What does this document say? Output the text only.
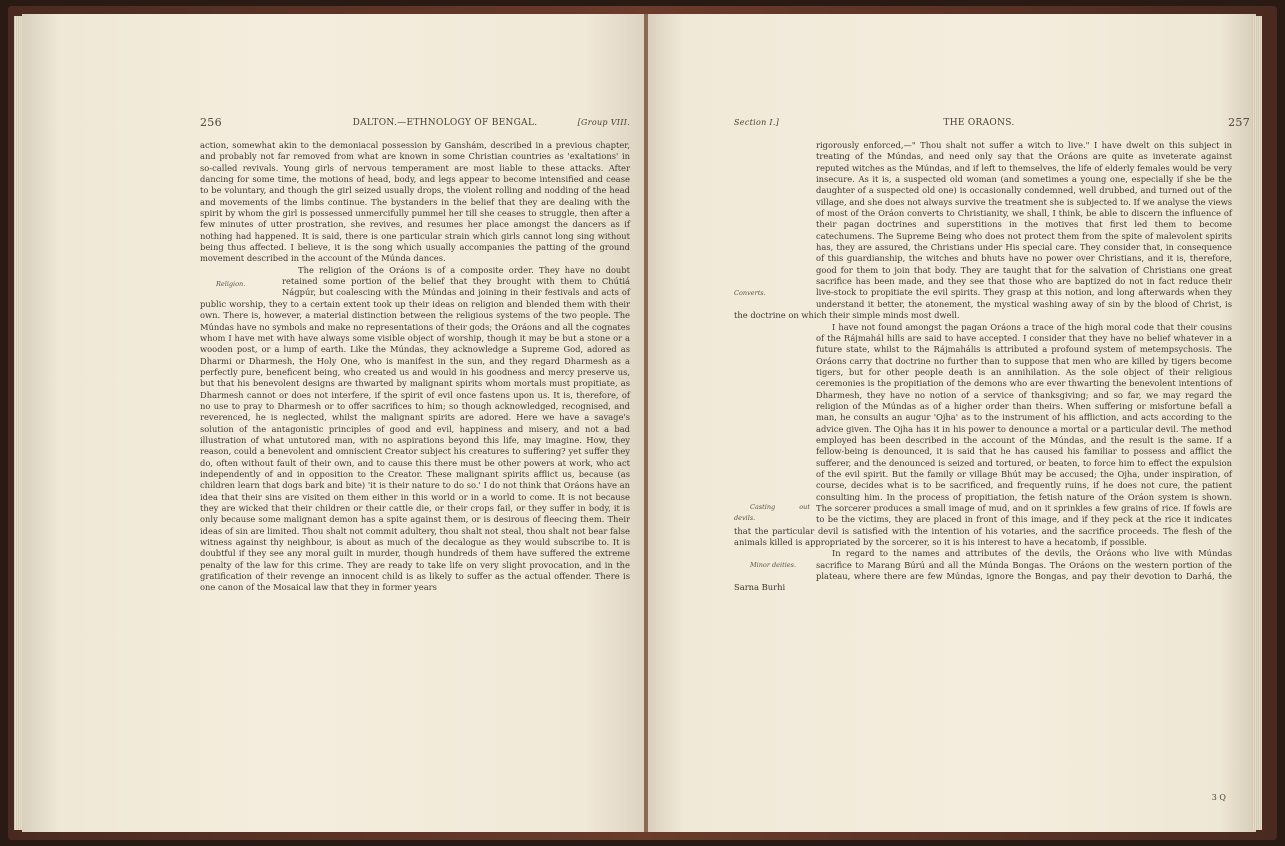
256	DALTON.—ETHNOLOGY OF BENGAL.	[Group VIII.

action, somewhat akin to the demoniacal possession by Ganshám, described in a previous chapter, and probably not far removed from what are known in some Christian countries as 'exaltations' in so-called revivals. Young girls of nervous temperament are most liable to these attacks. After dancing for some time, the motions of head, body, and legs appear to become intensified and cease to be voluntary, and though the girl seized usually drops, the violent rolling and nodding of the head and movements of the limbs continue. The bystanders in the belief that they are dealing with the spirit by whom the girl is possessed unmercifully pummel her till she ceases to struggle, then after a few minutes of utter prostration, she revives, and resumes her place amongst the dancers as if nothing had happened. It is said, there is one particular strain which girls cannot long sing without being thus affected. I believe, it is the song which usually accompanies the patting of the ground movement described in the account of the Múnda dances.

Religion.
The religion of the Oráons is of a composite order. They have no doubt retained some portion of the belief that they brought with them to Chútiá Nágpúr, but coalescing with the Múndas and joining in their festivals and acts of public worship, they to a certain extent took up their ideas on religion and blended them with their own. There is, however, a material distinction between the religious systems of the two people. The Múndas have no symbols and make no representations of their gods; the Oráons and all the cognates whom I have met with have always some visible object of worship, though it may be but a stone or a wooden post, or a lump of earth. Like the Múndas, they acknowledge a Supreme God, adored as Dharmi or Dharmesh, the Holy One, who is manifest in the sun, and they regard Dharmesh as a perfectly pure, beneficent being, who created us and would in his goodness and mercy preserve us, but that his benevolent designs are thwarted by malignant spirits whom mortals must propitiate, as Dharmesh cannot or does not interfere, if the spirit of evil once fastens upon us. It is, therefore, of no use to pray to Dharmesh or to offer sacrifices to him; so though acknowledged, recognised, and reverenced, he is neglected, whilst the malignant spirits are adored. Here we have a savage's solution of the antagonistic principles of good and evil, happiness and misery, and not a bad illustration of what untutored man, with no aspirations beyond this life, may imagine. How, they reason, could a benevolent and omniscient Creator subject his creatures to suffering? yet suffer they do, often without fault of their own, and to cause this there must be other powers at work, who act independently of and in opposition to the Creator. These malignant spirits afflict us, because (as children learn that dogs bark and bite) 'it is their nature to do so.' I do not think that Oráons have an idea that their sins are visited on them either in this world or in a world to come. It is not because they are wicked that their children or their cattle die, or their crops fail, or they suffer in body, it is only because some malignant demon has a spite against them, or is desirous of fleecing them. Their ideas of sin are limited. Thou shalt not commit adultery, thou shalt not steal, thou shalt not bear false witness against thy neighbour, is about as much of the decalogue as they would subscribe to. It is doubtful if they see any moral guilt in murder, though hundreds of them have suffered the extreme penalty of the law for this crime. They are ready to take life on very slight provocation, and in the gratification of their revenge an innocent child is as likely to suffer as the actual offender. There is one canon of the Mosaical law that they in former years

Section I.]	THE ORAONS.	257

Converts.
rigorously enforced,—" Thou shalt not suffer a witch to live." I have dwelt on this subject in treating of the Múndas, and need only say that the Oráons are quite as inveterate against reputed witches as the Múndas, and if left to themselves, the life of elderly females would be very insecure. As it is, a suspected old woman (and sometimes a young one, especially if she be the daughter of a suspected old one) is occasionally condemned, well drubbed, and turned out of the village, and she does not always survive the treatment she is subjected to. If we analyse the views of most of the Oráon converts to Christianity, we shall, I think, be able to discern the influence of their pagan doctrines and superstitions in the motives that first led them to become catechumens. The Supreme Being who does not protect them from the spite of malevolent spirits has, they are assured, the Christians under His special care. They consider that, in consequence of this guardianship, the witches and bhuts have no power over Christians, and it is, therefore, good for them to join that body. They are taught that for the salvation of Christians one great sacrifice has been made, and they see that those who are baptized do not in fact reduce their live-stock to propitiate the evil spirits. They grasp at this notion, and long afterwards when they understand it better, the atonement, the mystical washing away of sin by the blood of Christ, is the doctrine on which their simple minds most dwell.

Casting out devils.
I have not found amongst the pagan Oráons a trace of the high moral code that their cousins of the Rájmahál hills are said to have accepted. I consider that they have no belief whatever in a future state, whilst to the Rájmahális is attributed a profound system of metempsychosis. The Oráons carry that doctrine no further than to suppose that men who are killed by tigers become tigers, but for other people death is an annihilation. As the sole object of their religious ceremonies is the propitiation of the demons who are ever thwarting the benevolent intentions of Dharmesh, they have no notion of a service of thanksgiving; and so far, we may regard the religion of the Múndas as of a higher order than theirs. When suffering or misfortune befall a man, he consults an augur 'Ojha' as to the instrument of his affliction, and acts according to the advice given. The Ojha has it in his power to denounce a mortal or a particular devil. The method employed has been described in the account of the Múndas, and the result is the same. If a fellow-being is denounced, it is said that he has caused his familiar to possess and afflict the sufferer, and the denounced is seized and tortured, or beaten, to force him to effect the expulsion of the evil spirit. But the family or village Bhút may be accused; the Ojha, under inspiration, of course, decides what is to be sacrificed, and frequently ruins, if he does not cure, the patient consulting him. In the process of propitiation, the fetish nature of the Oráon system is shown. The sorcerer produces a small image of mud, and on it sprinkles a few grains of rice. If fowls are to be the victims, they are placed in front of this image, and if they peck at the rice it indicates that the particular devil is satisfied with the intention of his votaries, and the sacrifice proceeds. The flesh of the animals killed is appropriated by the sorcerer, so it is his interest to have a hecatomb, if possible.

Minor deities.
In regard to the names and attributes of the devils, the Oráons who live with Múndas sacrifice to Marang Búrú and all the Múnda Bongas. The Oráons on the western portion of the plateau, where there are few Múndas, ignore the Bongas, and pay their devotion to Darhá, the Sarna Burhi

3 Q
